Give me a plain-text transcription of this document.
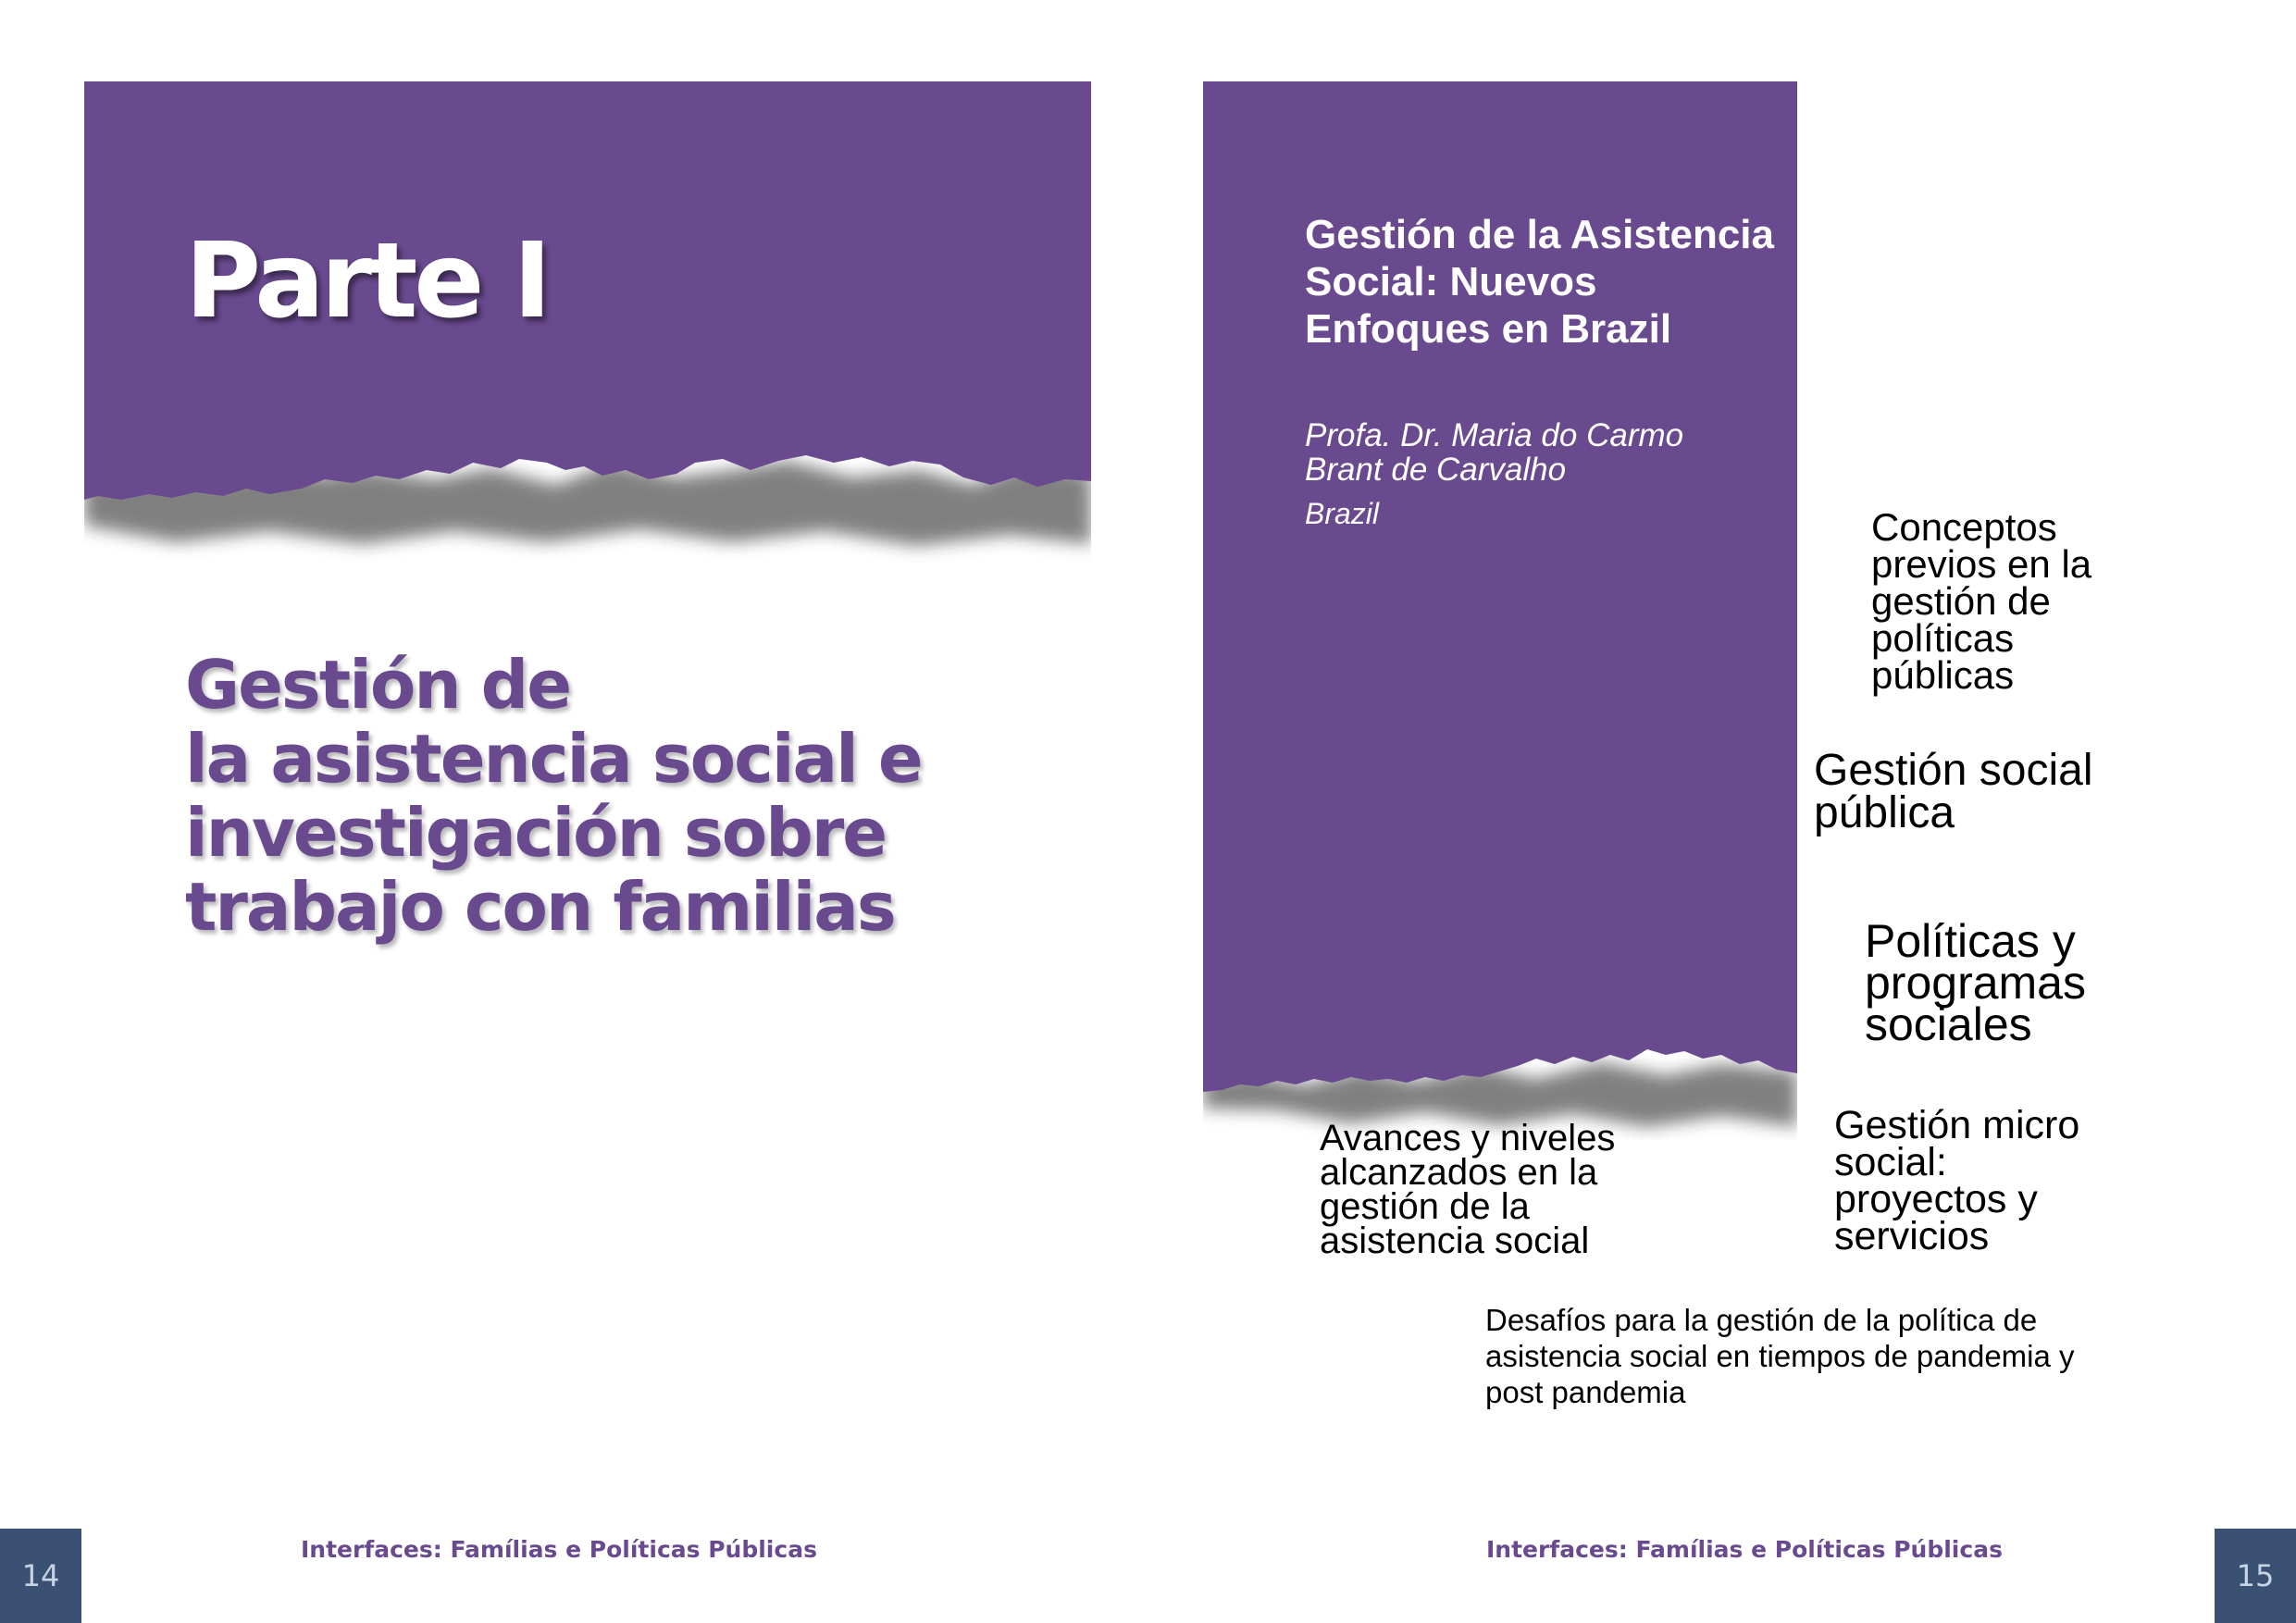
Parte I
Gestión de
la asistencia social e
investigación sobre
trabajo con familias
Gestión de la Asistencia Social: Nuevos Enfoques en Brazil
Profa. Dr. Maria do Carmo
Brant de Carvalho
Brazil	Conceptos
previos en la
gestión de
políticas
públicas
Gestión social
pública
Políticas y
programas
sociales
Avances y niveles
alcanzados en la
gestión de la
asistencia social
Gestión micro
social:
proyectos y
servicios
Desafíos para la gestión de la política de
asistencia social en tiempos de pandemia y
post pandemia
14
Interfaces: Famílias e Políticas Públicas	Interfaces: Famílias e Políticas Públicas
15
